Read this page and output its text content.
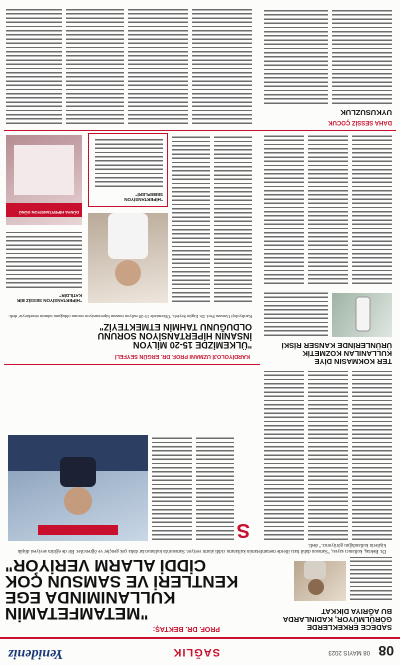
08
08 MAYIS 2023
SAĞLIK
Yenideniz
PROF. DR. BEKTAŞ:
"METAMFETAMİN
KULLANIMINDA EGE
KENTLERİ VE SAMSUN ÇOK
CİDDİ ALARM VERİYOR"
Dr. Bektaş, kullanıcı sayısı, "Samsun dahil bazı illerde metamfetamin kullanımı ciddi alarm veriyor. Samsun'da kullanıcılar daha çok gençler ve öğrenciler. Bir de eğitim seviyesi düşük kişilerin kullandığını görüyoruz." dedi.
SADECE ERKEKLERDE
GÖRÜLMÜYOR, KADINLARDA
BU AĞRIYA DİKKAT
S
TER KOKMASIN DİYE
KULLANILAN KOZMETİK
ÜRÜNLERİNDE KANSER RİSKİ
KARDİYOLOJİ UZMANI PROF. DR. ERGÜN SEYFELİ
"ÜLKEMİZDE 15-20 MİLYON
İNSANIN HİPERTANSİYON SORUNU
OLDUĞUNU TAHMİN ETMEKTEYİZ"
Kardiyoloji Uzmanı Prof. Dr. Ergün Seyfeli, 'Ülkemizde 15-20 milyon insanın hipertansiyon sorunu olduğunu tahmin etmekteyiz' dedi.
"HİPERTANSİYON
SEBEPLERİ"
"HİPERTANSİYON SESSİZ BİR KATİLDİR"
DÜNYA HİPERTANSİYON GÜNÜ
DAHA SESSİZ ÇOCUK
UYKUSUZLUK
